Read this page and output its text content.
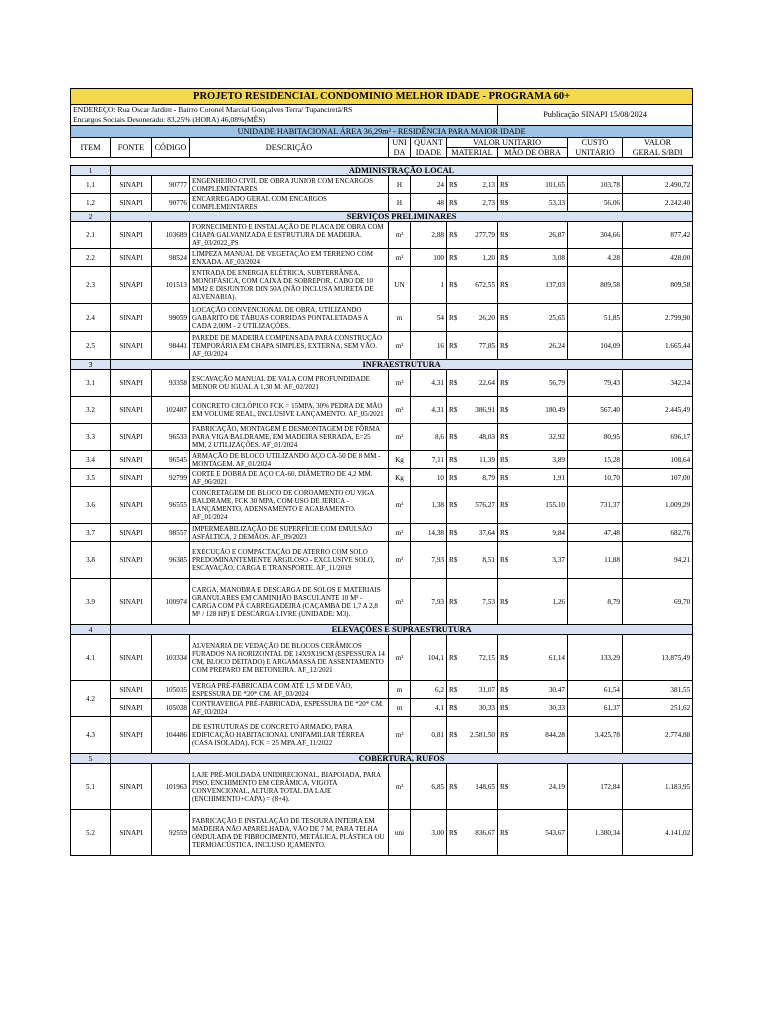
PROJETO RESIDENCIAL CONDOMINIO MELHOR IDADE - PROGRAMA 60+											
ENDEREÇO: Rua Oscar Jardim - Bairro Coronel Marcial Gonçalves Terra/ Tupanciretã/RS								Publicação SINAPI 15/08/2024			
Encargos Sociais Desonerado: 83,25% (HORA) 46,08%(MÊS)											
UNIDADE HABITACIONAL ÁREA 36,29m² - RESIDÊNCIA PARA MAIOR IDADE											
ITEM	FONTE	CÓDIGO	DESCRIÇÃO	UNI	QUANT	VALOR UNITARIO				CUSTO	VALOR
				DA	IDADE	MATERIAL		MÃO DE OBRA		UNITÁRIO	GERAL S/BDI

1	ADMINISTRAÇÃO LOCAL										
1.1	SINAPI	90777	ENGENHEIRO CIVIL DE OBRA JUNIOR COM ENCARGOS COMPLEMENTARES	H	24	R$	2,13	R$	101,65	103,78	2.490,72
1.2	SINAPI	90776	ENCARREGADO GERAL COM ENCARGOS COMPLEMENTARES	H	48	R$	2,73	R$	53,33	56,06	2.242,40
2	SERVIÇOS PRELIMINARES										
2.1	SINAPI	103689	FORNECIMENTO E INSTALAÇÃO DE PLACA DE OBRA COM CHAPA GALVANIZADA E ESTRUTURA DE MADEIRA. AF_03/2022_PS	m²	2,88	R$	277,79	R$	26,87	304,66	877,42
2.2	SINAPI	98524	LIMPEZA MANUAL DE VEGETAÇÃO EM TERRENO COM ENXADA. AF_03/2024	m²	100	R$	1,20	R$	3,08	4,28	428,00
2.3	SINAPI	101513	ENTRADA DE ENERGIA ELÉTRICA, SUBTERRÂNEA, MONOFÁSICA, COM CAIXA DE SOBREPOR, CABO DE 10 MM2 E DISJUNTOR DIN 50A (NÃO INCLUSA MURETA DE ALVENARIA).	UN	1	R$	672,55	R$	137,03	809,58	809,58
2.4	SINAPI	99059	LOCAÇÃO CONVENCIONAL DE OBRA, UTILIZANDO GABARITO DE TÁBUAS CORRIDAS PONTALETADAS A CADA 2,00M - 2 UTILIZAÇÕES.	m	54	R$	26,20	R$	25,65	51,85	2.799,90
2.5	SINAPI	98441	PAREDE DE MADEIRA COMPENSADA PARA CONSTRUÇÃO TEMPORÁRIA EM CHAPA SIMPLES, EXTERNA, SEM VÃO. AF_03/2024	m²	16	R$	77,85	R$	26,24	104,09	1.665,44
3	INFRAESTRUTURA										
3.1	SINAPI	93358	ESCAVAÇÃO MANUAL DE VALA COM PROFUNDIDADE MENOR OU IGUAL A 1,30 M. AF_02/2021	m³	4,31	R$	22,64	R$	56,79	79,43	342,34
3.2	SINAPI	102487	CONCRETO CICLÓPICO FCK = 15MPA, 30% PEDRA DE MÃO EM VOLUME REAL, INCLUSIVE LANÇAMENTO. AF_05/2021	m³	4,31	R$	386,91	R$	180,49	567,40	2.445,49
3.3	SINAPI	96533	FABRICAÇÃO, MONTAGEM E DESMONTAGEM DE FÔRMA PARA VIGA BALDRAME, EM MADEIRA SERRADA, E=25 MM, 2 UTILIZAÇÕES. AF_01/2024	m²	8,6	R$	48,03	R$	32,92	80,95	696,17
3.4	SINAPI	96545	ARMAÇÃO DE BLOCO UTILIZANDO AÇO CA-50 DE 8 MM - MONTAGEM. AF_01/2024	Kg	7,11	R$	11,39	R$	3,89	15,28	108,64
3.5	SINAPI	92799	CORTE E DOBRA DE AÇO CA-60, DIÂMETRO DE 4,2 MM. AF_06/2021	Kg	10	R$	8,79	R$	1,91	10,70	107,00
3.6	SINAPI	96555	CONCRETAGEM DE BLOCO DE COROAMENTO OU VIGA BALDRAME, FCK 30 MPA, COM USO DE JERICA - LANÇAMENTO, ADENSAMENTO E ACABAMENTO. AF_01/2024	m³	1,38	R$	576,27	R$	155,10	731,37	1.009,29
3.7	SINAPI	98557	IMPERMEABILIZAÇÃO DE SUPERFÍCIE COM EMULSÃO ASFÁLTICA, 2 DEMÃOS. AF_09/2023	m²	14,38	R$	37,64	R$	9,84	47,48	682,76
3.8	SINAPI	96385	EXECUÇÃO E COMPACTAÇÃO DE ATERRO COM SOLO PREDOMINANTEMENTE ARGILOSO - EXCLUSIVE SOLO, ESCAVAÇÃO, CARGA E TRANSPORTE. AF_11/2019	m³	7,93	R$	8,51	R$	3,37	11,88	94,21
3.9	SINAPI	100974	CARGA, MANOBRA E DESCARGA DE SOLOS E MATERIAIS GRANULARES EM CAMINHÃO BASCULANTE 10 M³ - CARGA COM PÁ CARREGADEIRA (CAÇAMBA DE 1,7 A 2,8 M³ / 128 HP) E DESCARGA LIVRE (UNIDADE: M3).	m³	7,93	R$	7,53	R$	1,26	8,79	69,70
4	ELEVAÇÕES E SUPRAESTRUTURA										
4.1	SINAPI	103334	ALVENARIA DE VEDAÇÃO DE BLOCOS CERÂMICOS FURADOS NA HORIZONTAL DE 14X9X19CM (ESPESSURA 14 CM, BLOCO DEITADO) E ARGAMASSA DE ASSENTAMENTO COM PREPARO EM BETONEIRA. AF_12/2021	m²	104,1	R$	72,15	R$	61,14	133,29	13.875,49
4.2	SINAPI	105035	VERGA PRÉ-FABRICADA COM ATÉ 1,5 M DE VÃO, ESPESSURA DE *20* CM. AF_03/2024	m	6,2	R$	31,07	R$	30,47	61,54	381,55
	SINAPI	105038	CONTRAVERGA PRÉ-FABRICADA, ESPESSURA DE *20* CM. AF_03/2024	m	4,1	R$	30,33	R$	30,33	61,37	251,62
4.3	SINAPI	104486	DE ESTRUTURAS DE CONCRETO ARMADO, PARA EDIFICAÇÃO HABITACIONAL UNIFAMILIAR TÉRREA (CASA ISOLADA), FCK = 25 MPA.AF_11/2022	m³	0,81	R$	2.581,50	R$	844,28	3.425,78	2.774,88
5	COBERTURA, RUFOS										
5.1	SINAPI	101963	LAJE PRÉ-MOLDADA UNIDIRECIONAL, BIAPOIADA, PARA PISO, ENCHIMENTO EM CERÂMICA, VIGOTA CONVENCIONAL, ALTURA TOTAL DA LAJE (ENCHIMENTO+CAPA) = (8+4).	m²	6,85	R$	148,65	R$	24,19	172,84	1.183,95
5.2	SINAPI	92559	FABRICAÇÃO E INSTALAÇÃO DE TESOURA INTEIRA EM MADEIRA NÃO APARELHADA, VÃO DE 7 M, PARA TELHA ONDULADA DE FIBROCIMENTO, METÁLICA, PLÁSTICA OU TERMOACÚSTICA, INCLUSO IÇAMENTO.	uni	3,00	R$	836,67	R$	543,67	1.380,34	4.141,02
